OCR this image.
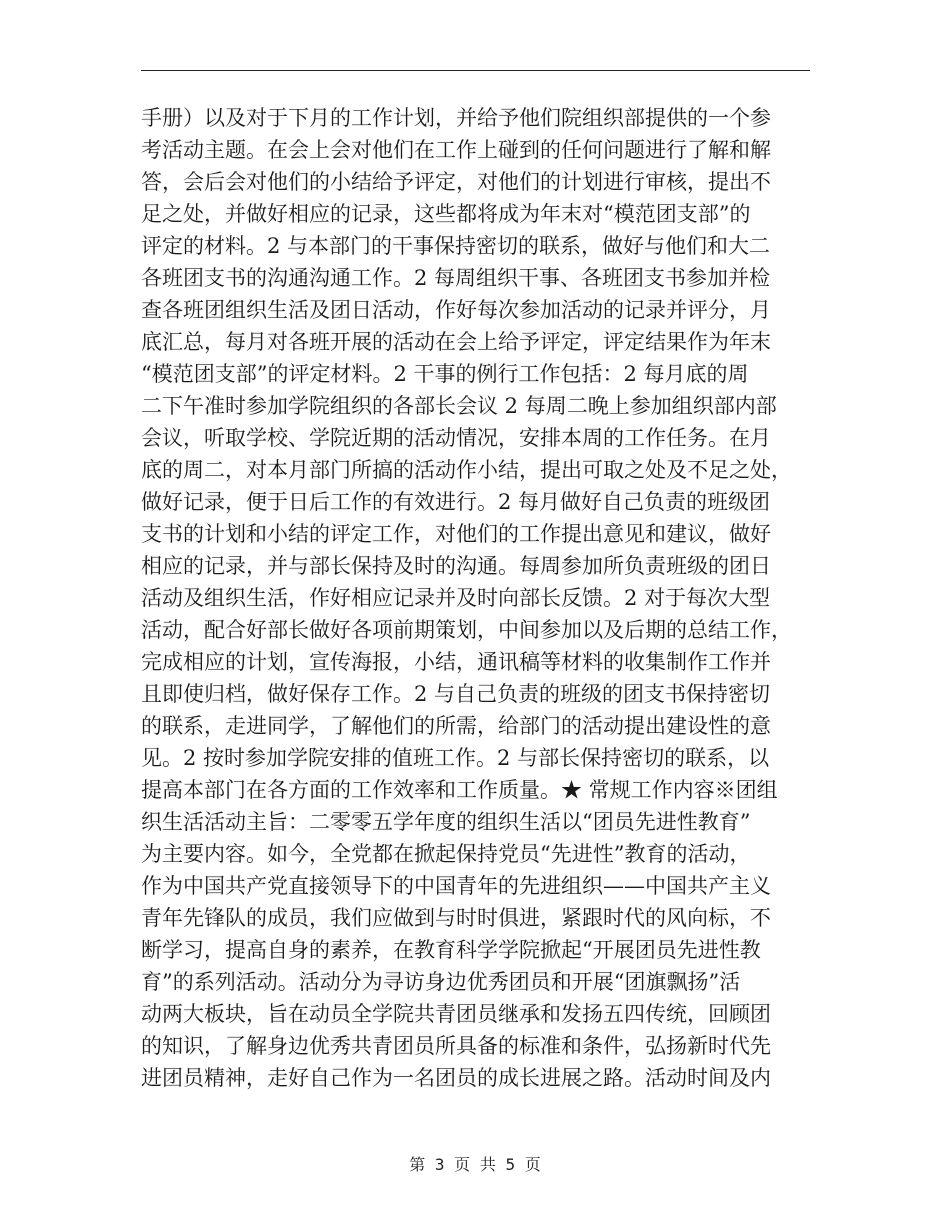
手册）以及对于下月的工作计划，并给予他们院组织部提供的一个参
考活动主题。在会上会对他们在工作上碰到的任何问题进行了解和解
答，会后会对他们的小结给予评定，对他们的计划进行审核，提出不
足之处，并做好相应的记录，这些都将成为年末对“模范团支部”的
评定的材料。2 与本部门的干事保持密切的联系，做好与他们和大二
各班团支书的沟通沟通工作。2 每周组织干事、各班团支书参加并检
查各班团组织生活及团日活动，作好每次参加活动的记录并评分，月
底汇总，每月对各班开展的活动在会上给予评定，评定结果作为年末
“模范团支部”的评定材料。2 干事的例行工作包括：2 每月底的周
二下午准时参加学院组织的各部长会议 2 每周二晚上参加组织部内部
会议，听取学校、学院近期的活动情况，安排本周的工作任务。在月
底的周二，对本月部门所搞的活动作小结，提出可取之处及不足之处，
做好记录，便于日后工作的有效进行。2 每月做好自己负责的班级团
支书的计划和小结的评定工作，对他们的工作提出意见和建议，做好
相应的记录，并与部长保持及时的沟通。每周参加所负责班级的团日
活动及组织生活，作好相应记录并及时向部长反馈。2 对于每次大型
活动，配合好部长做好各项前期策划，中间参加以及后期的总结工作，
完成相应的计划，宣传海报，小结，通讯稿等材料的收集制作工作并
且即使归档，做好保存工作。2 与自己负责的班级的团支书保持密切
的联系，走进同学，了解他们的所需，给部门的活动提出建设性的意
见。2 按时参加学院安排的值班工作。2 与部长保持密切的联系，以
提高本部门在各方面的工作效率和工作质量。★ 常规工作内容※团组
织生活活动主旨：二零零五学年度的组织生活以“团员先进性教育”
为主要内容。如今，全党都在掀起保持党员“先进性”教育的活动，
作为中国共产党直接领导下的中国青年的先进组织——中国共产主义
青年先锋队的成员，我们应做到与时时俱进，紧跟时代的风向标，不
断学习，提高自身的素养，在教育科学学院掀起“开展团员先进性教
育”的系列活动。活动分为寻访身边优秀团员和开展“团旗飘扬”活
动两大板块，旨在动员全学院共青团员继承和发扬五四传统，回顾团
的知识，了解身边优秀共青团员所具备的标准和条件，弘扬新时代先
进团员精神，走好自己作为一名团员的成长进展之路。活动时间及内
第 3 页 共 5 页
